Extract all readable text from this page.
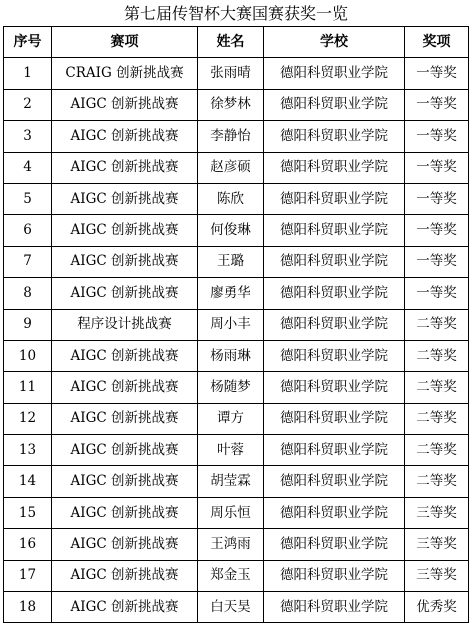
第七届传智杯大赛国赛获奖一览
序号	赛项	姓名	学校	奖项
1	CRAIG 创新挑战赛	张雨晴	德阳科贸职业学院	一等奖
2	AIGC 创新挑战赛	徐梦林	德阳科贸职业学院	一等奖
3	AIGC 创新挑战赛	李静怡	德阳科贸职业学院	一等奖
4	AIGC 创新挑战赛	赵彦硕	德阳科贸职业学院	一等奖
5	AIGC 创新挑战赛	陈欣	德阳科贸职业学院	一等奖
6	AIGC 创新挑战赛	何俊琳	德阳科贸职业学院	一等奖
7	AIGC 创新挑战赛	王璐	德阳科贸职业学院	一等奖
8	AIGC 创新挑战赛	廖勇华	德阳科贸职业学院	一等奖
9	程序设计挑战赛	周小丰	德阳科贸职业学院	二等奖
10	AIGC 创新挑战赛	杨雨琳	德阳科贸职业学院	二等奖
11	AIGC 创新挑战赛	杨随梦	德阳科贸职业学院	二等奖
12	AIGC 创新挑战赛	谭方	德阳科贸职业学院	二等奖
13	AIGC 创新挑战赛	叶蓉	德阳科贸职业学院	二等奖
14	AIGC 创新挑战赛	胡莹霖	德阳科贸职业学院	二等奖
15	AIGC 创新挑战赛	周乐恒	德阳科贸职业学院	三等奖
16	AIGC 创新挑战赛	王鸿雨	德阳科贸职业学院	三等奖
17	AIGC 创新挑战赛	郑金玉	德阳科贸职业学院	三等奖
18	AIGC 创新挑战赛	白天昊	德阳科贸职业学院	优秀奖
